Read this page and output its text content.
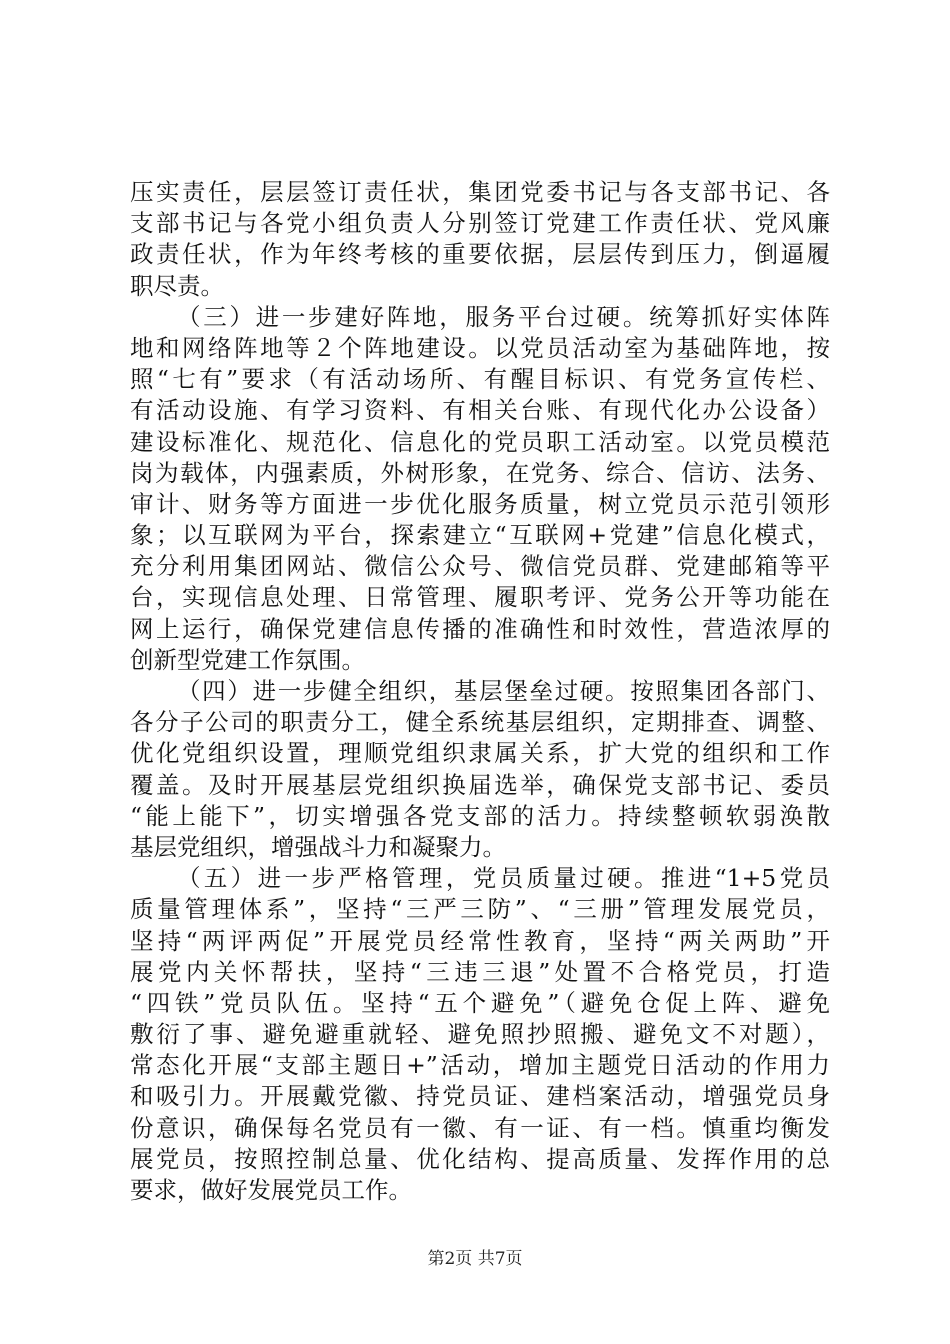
压实责任，层层签订责任状，集团党委书记与各支部书记、各
支部书记与各党小组负责人分别签订党建工作责任状、党风廉
政责任状，作为年终考核的重要依据，层层传到压力，倒逼履
职尽责。
（三）进一步建好阵地，服务平台过硬。统筹抓好实体阵
地和网络阵地等２个阵地建设。以党员活动室为基础阵地，按
照“七有”要求（有活动场所、有醒目标识、有党务宣传栏、
有活动设施、有学习资料、有相关台账、有现代化办公设备）
建设标准化、规范化、信息化的党员职工活动室。以党员模范
岗为载体，内强素质，外树形象，在党务、综合、信访、法务、
审计、财务等方面进一步优化服务质量，树立党员示范引领形
象；以互联网为平台，探索建立“互联网+党建”信息化模式，
充分利用集团网站、微信公众号、微信党员群、党建邮箱等平
台，实现信息处理、日常管理、履职考评、党务公开等功能在
网上运行，确保党建信息传播的准确性和时效性，营造浓厚的
创新型党建工作氛围。
（四）进一步健全组织，基层堡垒过硬。按照集团各部门、
各分子公司的职责分工，健全系统基层组织，定期排查、调整、
优化党组织设置，理顺党组织隶属关系，扩大党的组织和工作
覆盖。及时开展基层党组织换届选举，确保党支部书记、委员
“能上能下”，切实增强各党支部的活力。持续整顿软弱涣散
基层党组织，增强战斗力和凝聚力。
（五）进一步严格管理，党员质量过硬。推进“1+5党员
质量管理体系”，坚持“三严三防”、“三册”管理发展党员，
坚持“两评两促”开展党员经常性教育，坚持“两关两助”开
展党内关怀帮扶，坚持“三违三退”处置不合格党员，打造
“四铁”党员队伍。坚持“五个避免”（避免仓促上阵、避免
敷衍了事、避免避重就轻、避免照抄照搬、避免文不对题），
常态化开展“支部主题日+”活动，增加主题党日活动的作用力
和吸引力。开展戴党徽、持党员证、建档案活动，增强党员身
份意识，确保每名党员有一徽、有一证、有一档。慎重均衡发
展党员，按照控制总量、优化结构、提高质量、发挥作用的总
要求，做好发展党员工作。
第2页 共7页
